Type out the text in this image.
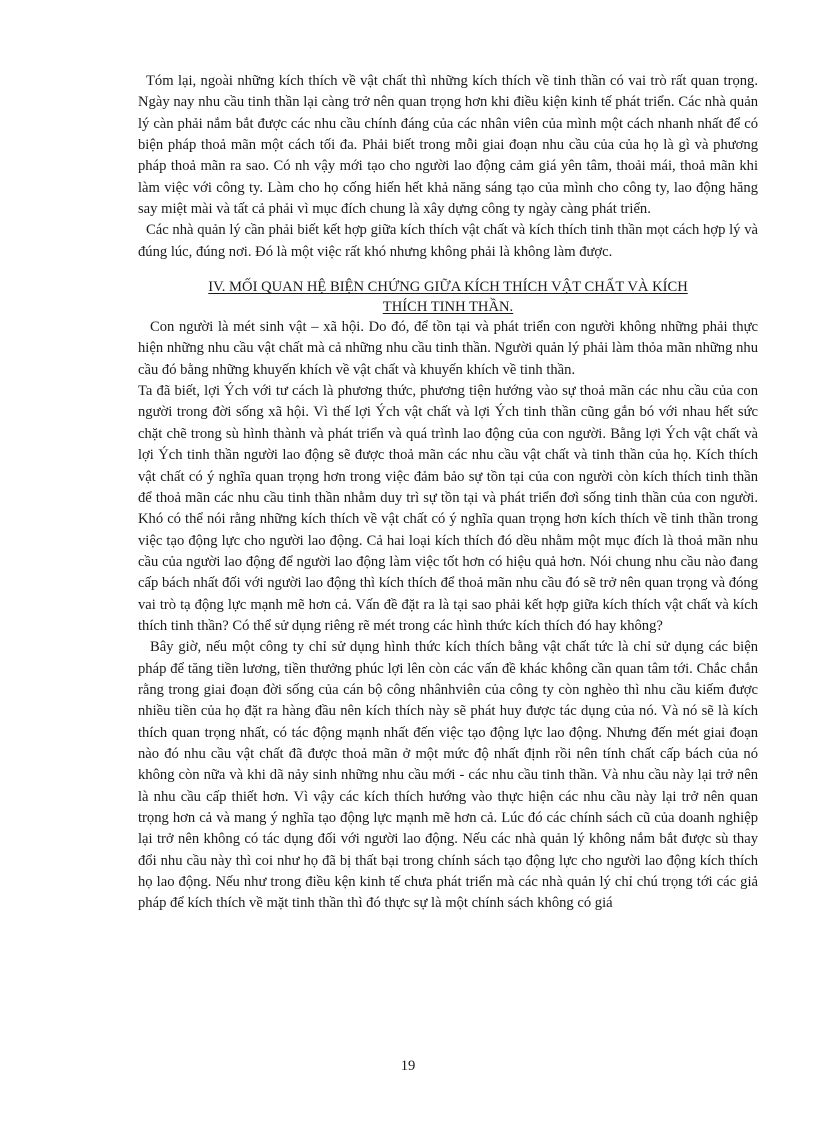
Tóm lại, ngoài những kích thích về vật chất thì những kích thích về tinh thần có vai trò rất quan trọng. Ngày nay nhu cầu tinh thần lại càng trở nên quan trọng hơn khi điều kiện kinh tế phát triển. Các nhà quản lý càn phải nắm bắt được các nhu cầu chính đáng của các nhân viên của mình một cách nhanh nhất để có biện pháp thoả mãn một cách tối đa. Phải biết trong mỗi giai đoạn nhu cầu của của họ là gì và phương pháp thoả mãn ra sao. Có nh vậy mới tạo cho người lao động cảm giá yên tâm, thoải mái, thoả mãn khi làm việc với công ty. Làm cho họ cống hiến hết khả năng sáng tạo của mình cho công ty, lao động hăng say miệt mài và tất cả phải vì mục đích chung là xây dựng công ty ngày càng phát triển.

Các nhà quản lý cần phải biết kết hợp giữa kích thích vật chất và kích thích tinh thần mọt cách hợp lý và đúng lúc, đúng nơi. Đó là một việc rất khó nhưng không phải là không làm được.

IV. MỐI QUAN HỆ BIỆN CHỨNG GIỮA KÍCH THÍCH VẬT CHẤT VÀ KÍCH
THÍCH TINH THẦN.

Con người là mét sinh vật – xã hội. Do đó, để tồn tại và phát triển con người không những phải thực hiện những nhu cầu vật chất mà cả những nhu cầu tinh thần. Người quản lý phải làm thỏa mãn những nhu cầu đó bằng những khuyến khích về vật chất và khuyến khích về tinh thần.

Ta đã biết, lợi Ých với tư cách là phương thức, phương tiện hướng vào sự thoả mãn các nhu cầu của con người trong đời sống xã hội. Vì thế lợi Ých vật chất và lợi Ých tinh thần cũng gắn bó với nhau hết sức chặt chẽ trong sù hình thành và phát triển và quá trình lao động của con người. Bằng lợi Ých vật chất và lợi Ých tinh thần người lao động sẽ được thoả mãn các nhu cầu vật chất và tinh thần của họ. Kích thích vật chất có ý nghĩa quan trọng hơn trong việc đảm bảo sự tồn tại của con người còn kích thích tinh thần để thoả mãn các nhu cầu tinh thần nhằm duy trì sự tồn tại và phát triển đơì sống tinh thần của con người. Khó có thể nói rằng những kích thích về vật chất có ý nghĩa quan trọng hơn kích thích về tinh thần trong việc tạo động lực cho người lao động. Cả hai loại kích thích đó dều nhằm một mục đích là thoả mãn nhu cầu của người lao động để người lao động làm việc tốt hơn có hiệu quả hơn. Nói chung nhu cầu nào đang cấp bách nhất đối với người lao động thì kích thích để thoả mãn nhu cầu đó sẽ trở nên quan trọng và đóng vai trò tạ động lực mạnh mẽ hơn cả. Vấn đề đặt ra là tại sao phải kết hợp giữa kích thích vật chất và kích thích tinh thần? Có thể sử dụng riêng rẽ mét trong các hình thức kích thích đó hay không?

Bây giờ, nếu một công ty chỉ sử dụng hình thức kích thích bằng vật chất tức là chỉ sử dụng các biện pháp để tăng tiền lương, tiền thưởng phúc lợi lên còn các vấn đề khác không cần quan tâm tới. Chắc chắn rằng trong giai đoạn đời sống của cán bộ công nhânhviên của công ty còn nghèo thì nhu cầu kiếm được nhiều tiền của họ đặt ra hàng đầu nên kích thích này sẽ phát huy được tác dụng của nó. Và nó sẽ là kích thích quan trọng nhất, có tác động mạnh nhất đến việc tạo động lực lao động. Nhưng đến mét giai đoạn nào đó nhu cầu vật chất đã được thoả mãn ở một mức độ nhất định rồi nên tính chất cấp bách của nó không còn nữa và khi dã nảy sinh những nhu cầu mới - các nhu cầu tinh thần. Và nhu cầu này lại trở nên là nhu cầu cấp thiết hơn. Vì vậy các kích thích hướng vào thực hiện các nhu cầu này lại trở nên quan trọng hơn cả và mang ý nghĩa tạo động lực mạnh mẽ hơn cả. Lúc đó các chính sách cũ của doanh nghiệp lại trở nên không có tác dụng đối với người lao động. Nếu các nhà quản lý không nắm bắt được sù thay đổi nhu cầu này thì coi như họ đã bị thất bại trong chính sách tạo động lực cho người lao động kích thích họ lao động. Nếu như trong điều kện kinh tế chưa phát triển mà các nhà quản lý chỉ chú trọng tới các giả pháp để kích thích về mặt tinh thần thì đó thực sự là một chính sách không có giá

19
